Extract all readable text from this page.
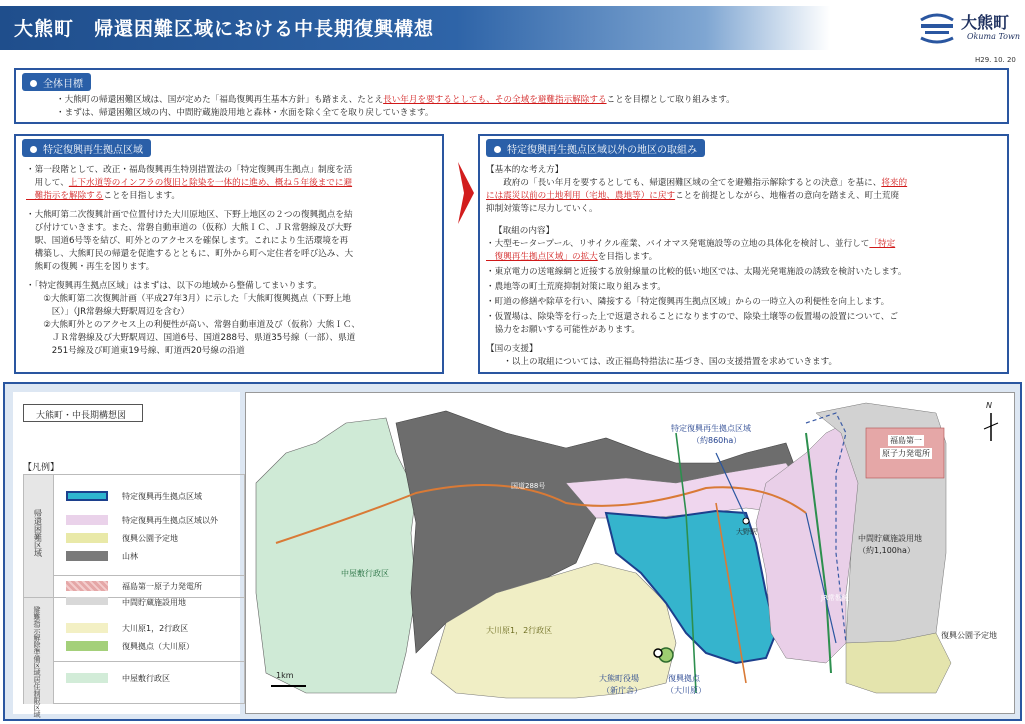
大熊町　帰還困難区域における中長期復興構想	大熊町
Okuma Town
H29. 10. 20
全体目標
・大熊町の帰還困難区域は、国が定めた「福島復興再生基本方針」も踏まえ、たとえ長い年月を要するとしても、その全域を避難指示解除することを目標として取り組みます。
・まずは、帰還困難区域の内、中間貯蔵施設用地と森林・水面を除く全てを取り戻していきます。
特定復興再生拠点区域
・第一段階として、改正・福島復興再生特別措置法の「特定復興再生拠点」制度を活
　用して、上下水道等のインフラの復旧と除染を一体的に進め、概ね５年後までに避
　難指示を解除することを目指します。
・大熊町第二次復興計画で位置付けた大川原地区、下野上地区の２つの復興拠点を結
　び付けていきます。また、常磐自動車道の（仮称）大熊ＩＣ、ＪＲ常磐線及び大野
　駅、国道6号等を結び、町外とのアクセスを確保します。これにより生活環境を再
　構築し、大熊町民の帰還を促進するとともに、町外から町へ定住者を呼び込み、大
　熊町の復興・再生を図ります。
・「特定復興再生拠点区域」はまずは、以下の地域から整備してまいります。
　　①大熊町第二次復興計画（平成27年3月）に示した「大熊町復興拠点（下野上地
　　　区）」（JR常磐線大野駅周辺を含む）
　　②大熊町外とのアクセス上の利便性が高い、常磐自動車道及び（仮称）大熊ＩＣ、
　　　ＪＲ常磐線及び大野駅周辺、国道6号、国道288号、県道35号線（一部）、県道
　　　251号線及び町道東19号線、町道西20号線の沿道
特定復興再生拠点区域以外の地区の取組み
【基本的な考え方】
　　政府の「長い年月を要するとしても、帰還困難区域の全てを避難指示解除するとの決意」を基に、将来的
には震災以前の土地利用（宅地、農地等）に戻すことを前提としながら、地権者の意向を踏まえ、町土荒廃
抑制対策等に尽力していく。
【取組の内容】
・大型モータープール、リサイクル産業、バイオマス発電施設等の立地の具体化を検討し、並行して「特定
　復興再生拠点区域」の拡大を目指します。
・東京電力の送電線網と近接する放射線量の比較的低い地区では、太陽光発電施設の誘致を検討いたします。
・農地等の町土荒廃抑制対策に取り組みます。
・町道の修繕や除草を行い、隣接する「特定復興再生拠点区域」からの一時立入の利便性を向上します。
・仮置場は、除染等を行った上で返還されることになりますので、除染土壌等の仮置場の設置について、ご
　協力をお願いする可能性があります。
【国の支援】
　　・以上の取組については、改正福島特措法に基づき、国の支援措置を求めていきます。
大熊町・中長期構想図
【凡例】
帰還困難区域
避難指示解除準備区域居住制限区域
特定復興再生拠点区域
特定復興再生拠点区域以外
復興公園予定地
山林
福島第一原子力発電所
中間貯蔵施設用地
大川原1，2行政区
復興拠点（大川原）
中屋敷行政区
特定復興再生拠点区域
（約860ha）	福島第一
原子力発電所
中間貯蔵施設用地
（約1,100ha）
復興公園予定地
中屋敷行政区
大川原1，2行政区
大野駅
大熊町役場
（新庁舎）
復興拠点
（大川原）
1km
N
JR常磐線
国道288号
